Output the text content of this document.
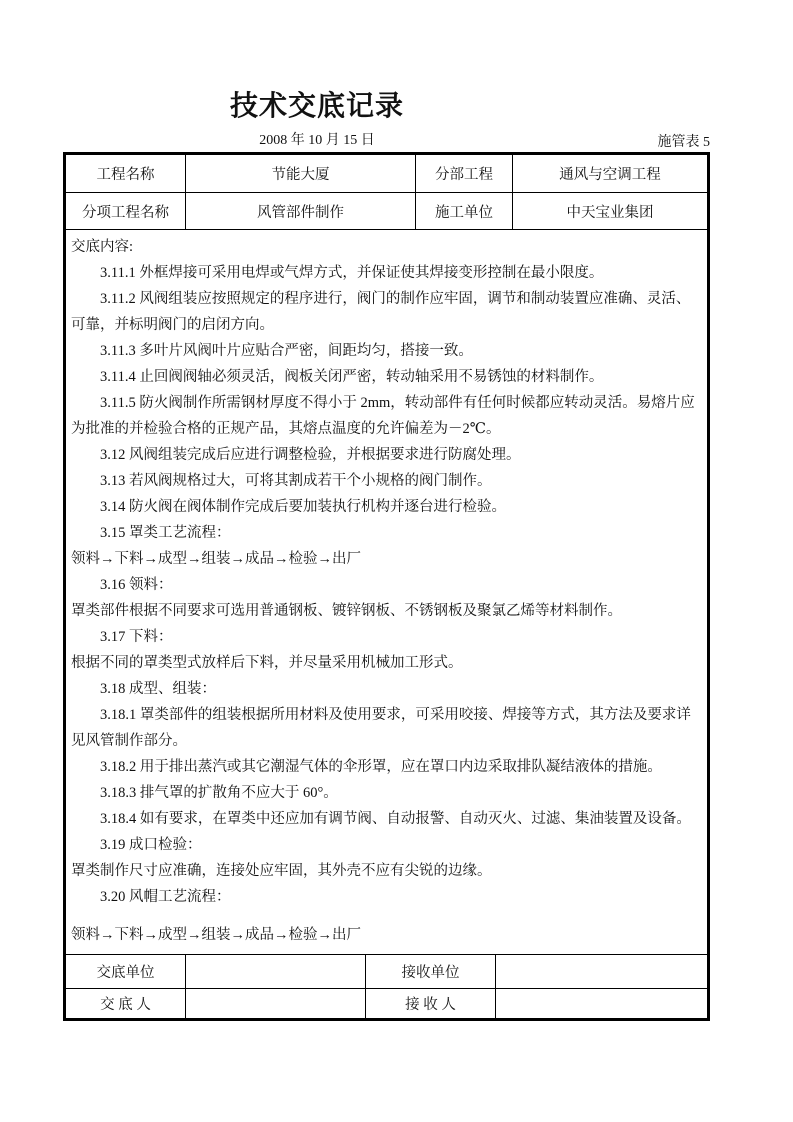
技术交底记录
2008 年 10 月 15 日	施管表 5
工程名称	节能大厦	分部工程	通风与空调工程
分项工程名称	风管部件制作	施工单位	中天宝业集团

交底内容:

3.11.1 外框焊接可采用电焊或气焊方式，并保证使其焊接变形控制在最小限度。

3.11.2 风阀组装应按照规定的程序进行，阀门的制作应牢固，调节和制动装置应准确、灵活、可靠，并标明阀门的启闭方向。

3.11.3 多叶片风阀叶片应贴合严密，间距均匀，搭接一致。

3.11.4 止回阀阀轴必须灵活，阀板关闭严密，转动轴采用不易锈蚀的材料制作。

3.11.5 防火阀制作所需钢材厚度不得小于 2mm，转动部件有任何时候都应转动灵活。易熔片应为批准的并检验合格的正规产品，其熔点温度的允许偏差为－2℃。

3.12 风阀组装完成后应进行调整检验，并根据要求进行防腐处理。

3.13 若风阀规格过大，可将其割成若干个小规格的阀门制作。

3.14 防火阀在阀体制作完成后要加装执行机构并逐台进行检验。

3.15 罩类工艺流程：

领料→下料→成型→组装→成品→检验→出厂

3.16 领料：

罩类部件根据不同要求可选用普通钢板、镀锌钢板、不锈钢板及聚氯乙烯等材料制作。

3.17 下料：

根据不同的罩类型式放样后下料，并尽量采用机械加工形式。

3.18 成型、组装：

3.18.1 罩类部件的组装根据所用材料及使用要求，可采用咬接、焊接等方式，其方法及要求详见风管制作部分。

3.18.2 用于排出蒸汽或其它潮湿气体的伞形罩，应在罩口内边采取排队凝结液体的措施。

3.18.3 排气罩的扩散角不应大于 60°。

3.18.4 如有要求，在罩类中还应加有调节阀、自动报警、自动灭火、过滤、集油装置及设备。

3.19 成口检验：

罩类制作尺寸应准确，连接处应牢固，其外壳不应有尖锐的边缘。

3.20 风帽工艺流程：

领料→下料→成型→组装→成品→检验→出厂

交底单位	接收单位
交 底 人	接 收 人
